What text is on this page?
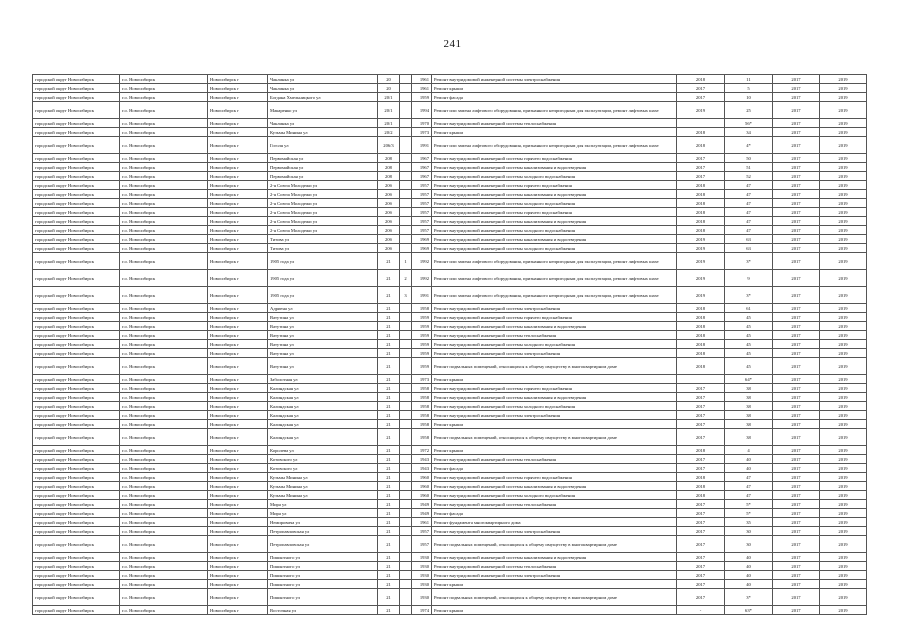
241
городской округ Новосибирск	г.о. Новосибирск	Новосибирск г	Чаклинка ул	20		1961	Ремонт внутридомовой инженерной системы электроснабжения	2018	11	2017	2019
городской округ Новосибирск	г.о. Новосибирск	Новосибирск г	Чаклинка ул	20		1961	Ремонт крыши	2017	5	2017	2019
городской округ Новосибирск	г.о. Новосибирск	Новосибирск г	Богдана Хмельницкого ул	20/1		1959	Ремонт фасада	2017	10	2017	2019
городской округ Новосибирск	г.о. Новосибирск	Новосибирск г	Макаренко ул	20/1		1994	Ремонт или замена лифтового оборудования, признанного непригодным для эксплуатации, ремонт лифтовых шахт	2019	25	2017	2019
городской округ Новосибирск	г.о. Новосибирск	Новосибирск г	Чаклинка ул	20/1		1970	Ремонт внутридомовой инженерной системы теплоснабжения		56*	2017	2019
городской округ Новосибирск	г.о. Новосибирск	Новосибирск г	Кузьмы Минина ул	20/2		1973	Ремонт крыши	2018	34	2017	2019
городской округ Новосибирск	г.о. Новосибирск	Новосибирск г	Гоголя ул	206/3		1991	Ремонт или замена лифтового оборудования, признанного непригодным для эксплуатации, ремонт лифтовых шахт	2018	4*	2017	2019
городской округ Новосибирск	г.о. Новосибирск	Новосибирск г	Первомайская ул	208		1967	Ремонт внутридомовой инженерной системы горячего водоснабжения	2017	50	2017	2019
городской округ Новосибирск	г.о. Новосибирск	Новосибирск г	Первомайская ул	208		1967	Ремонт внутридомовой инженерной системы канализования и водоотведения	2017	51	2017	2019
городской округ Новосибирск	г.о. Новосибирск	Новосибирск г	Первомайская ул	208		1967	Ремонт внутридомовой инженерной системы холодного водоснабжения	2017	52	2017	2019
городской округ Новосибирск	г.о. Новосибирск	Новосибирск г	2-я Союза Молодежи ул	20б		1957	Ремонт внутридомовой инженерной системы горячего водоснабжения	2018	47	2017	2019
городской округ Новосибирск	г.о. Новосибирск	Новосибирск г	2-я Союза Молодежи ул	20б		1957	Ремонт внутридомовой инженерной системы канализования и водоотведения	2018	47	2017	2019
городской округ Новосибирск	г.о. Новосибирск	Новосибирск г	2-я Союза Молодежи ул	20б		1957	Ремонт внутридомовой инженерной системы холодного водоснабжения	2018	47	2017	2019
городской округ Новосибирск	г.о. Новосибирск	Новосибирск г	2-я Союза Молодежи ул	20б		1957	Ремонт внутридомовой инженерной системы горячего водоснабжения	2018	47	2017	2019
городской округ Новосибирск	г.о. Новосибирск	Новосибирск г	2-я Союза Молодежи ул	20б		1957	Ремонт внутридомовой инженерной системы канализования и водоотведения	2018	47	2017	2019
городской округ Новосибирск	г.о. Новосибирск	Новосибирск г	2-я Союза Молодежи ул	20б		1957	Ремонт внутридомовой инженерной системы холодного водоснабжения	2018	47	2017	2019
городской округ Новосибирск	г.о. Новосибирск	Новосибирск г	Титова ул	20б		1969	Ремонт внутридомовой инженерной системы канализования и водоотведения	2019	63	2017	2019
городской округ Новосибирск	г.о. Новосибирск	Новосибирск г	Титова ул	20б		1969	Ремонт внутридомовой инженерной системы холодного водоснабжения	2019	63	2017	2019
городской округ Новосибирск	г.о. Новосибирск	Новосибирск г	1905 года ул	21	1	1992	Ремонт или замена лифтового оборудования, признанного непригодным для эксплуатации, ремонт лифтовых шахт	2019	3*	2017	2019
городской округ Новосибирск	г.о. Новосибирск	Новосибирск г	1905 года ул	21	2	1992	Ремонт или замена лифтового оборудования, признанного непригодным для эксплуатации, ремонт лифтовых шахт	2019	9	2017	2019
городской округ Новосибирск	г.о. Новосибирск	Новосибирск г	1905 года ул	21	3	1991	Ремонт или замена лифтового оборудования, признанного непригодным для эксплуатации, ремонт лифтовых шахт	2019	3*	2017	2019
городской округ Новосибирск	г.о. Новосибирск	Новосибирск г	Адриена ул	21		1958	Ремонт внутридомовой инженерной системы электроснабжения	2018	61	2017	2019
городской округ Новосибирск	г.о. Новосибирск	Новосибирск г	Ватутина ул	21		1959	Ремонт внутридомовой инженерной системы горячего водоснабжения	2018	45	2017	2019
городской округ Новосибирск	г.о. Новосибирск	Новосибирск г	Ватутина ул	21		1959	Ремонт внутридомовой инженерной системы канализования и водоотведения	2018	45	2017	2019
городской округ Новосибирск	г.о. Новосибирск	Новосибирск г	Ватутина ул	21		1959	Ремонт внутридомовой инженерной системы теплоснабжения	2018	45	2017	2019
городской округ Новосибирск	г.о. Новосибирск	Новосибирск г	Ватутина ул	21		1959	Ремонт внутридомовой инженерной системы холодного водоснабжения	2018	45	2017	2019
городской округ Новосибирск	г.о. Новосибирск	Новосибирск г	Ватутина ул	21		1959	Ремонт внутридомовой инженерной системы электроснабжения	2018	45	2017	2019
городской округ Новосибирск	г.о. Новосибирск	Новосибирск г	Ватутина ул	21		1959	Ремонт подвальных помещений, относящихся к общему имуществу в многоквартирном доме	2018	45	2017	2019
городской округ Новосибирск	г.о. Новосибирск	Новосибирск г	Заболотная ул	21		1973	Ремонт крыши		64*	2017	2019
городской округ Новосибирск	г.о. Новосибирск	Новосибирск г	Калиндская ул	21		1958	Ремонт внутридомовой инженерной системы горячего водоснабжения	2017	38	2017	2019
городской округ Новосибирск	г.о. Новосибирск	Новосибирск г	Калиндская ул	21		1958	Ремонт внутридомовой инженерной системы канализования и водоотведения	2017	38	2017	2019
городской округ Новосибирск	г.о. Новосибирск	Новосибирск г	Калиндская ул	21		1958	Ремонт внутридомовой инженерной системы холодного водоснабжения	2017	38	2017	2019
городской округ Новосибирск	г.о. Новосибирск	Новосибирск г	Калиндская ул	21		1958	Ремонт внутридомовой инженерной системы электроснабжения	2017	38	2017	2019
городской округ Новосибирск	г.о. Новосибирск	Новосибирск г	Калиндская ул	21		1958	Ремонт крыши	2017	38	2017	2019
городской округ Новосибирск	г.о. Новосибирск	Новосибирск г	Калиндская ул	21		1958	Ремонт подвальных помещений, относящихся к общему имуществу в многоквартирном доме	2017	38	2017	2019
городской округ Новосибирск	г.о. Новосибирск	Новосибирск г	Королева ул	21		1972	Ремонт крыши	2018	4	2017	2019
городской округ Новосибирск	г.о. Новосибирск	Новосибирск г	Котовского ул	21		1943	Ремонт внутридомовой инженерной системы теплоснабжения	2017	40	2017	2019
городской округ Новосибирск	г.о. Новосибирск	Новосибирск г	Котовского ул	21		1943	Ремонт фасада	2017	40	2017	2019
городской округ Новосибирск	г.о. Новосибирск	Новосибирск г	Кузьмы Минина ул	21		1960	Ремонт внутридомовой инженерной системы горячего водоснабжения	2018	47	2017	2019
городской округ Новосибирск	г.о. Новосибирск	Новосибирск г	Кузьмы Минина ул	21		1960	Ремонт внутридомовой инженерной системы канализования и водоотведения	2018	47	2017	2019
городской округ Новосибирск	г.о. Новосибирск	Новосибирск г	Кузьмы Минина ул	21		1960	Ремонт внутридомовой инженерной системы холодного водоснабжения	2018	47	2017	2019
городской округ Новосибирск	г.о. Новосибирск	Новосибирск г	Мира ул	21		1949	Ремонт внутридомовой инженерной системы теплоснабжения	2017	5*	2017	2019
городской округ Новосибирск	г.о. Новосибирск	Новосибирск г	Мира ул	21		1949	Ремонт фасада	2017	5*	2017	2019
городской округ Новосибирск	г.о. Новосибирск	Новосибирск г	Немировича ул	21		1961	Ремонт фундамента многоквартирного дома	2017	35	2017	2019
городской округ Новосибирск	г.о. Новосибирск	Новосибирск г	Петропавловская ул	21		1957	Ремонт внутридомовой инженерной системы электроснабжения	2017	30	2017	2019
городской округ Новосибирск	г.о. Новосибирск	Новосибирск г	Петропавловская ул	21		1957	Ремонт подвальных помещений, относящихся к общему имуществу в многоквартирном доме	2017	30	2017	2019
городской округ Новосибирск	г.о. Новосибирск	Новосибирск г	Пишкотного ул	21		1930	Ремонт внутридомовой инженерной системы канализования и водоотведения	2017	40	2017	2019
городской округ Новосибирск	г.о. Новосибирск	Новосибирск г	Пишкотного ул	21		1930	Ремонт внутридомовой инженерной системы теплоснабжения	2017	40	2017	2019
городской округ Новосибирск	г.о. Новосибирск	Новосибирск г	Пишкотного ул	21		1930	Ремонт внутридомовой инженерной системы электроснабжения	2017	40	2017	2019
городской округ Новосибирск	г.о. Новосибирск	Новосибирск г	Пишкотного ул	21		1930	Ремонт крыши	2017	40	2017	2019
городской округ Новосибирск	г.о. Новосибирск	Новосибирск г	Пишкотного ул	21		1930	Ремонт подвальных помещений, относящихся к общему имуществу в многоквартирном доме	2017	3*	2017	2019
городской округ Новосибирск	г.о. Новосибирск	Новосибирск г	Восточная ул	21		1974	Ремонт крыши	-	63*	2017	2019
